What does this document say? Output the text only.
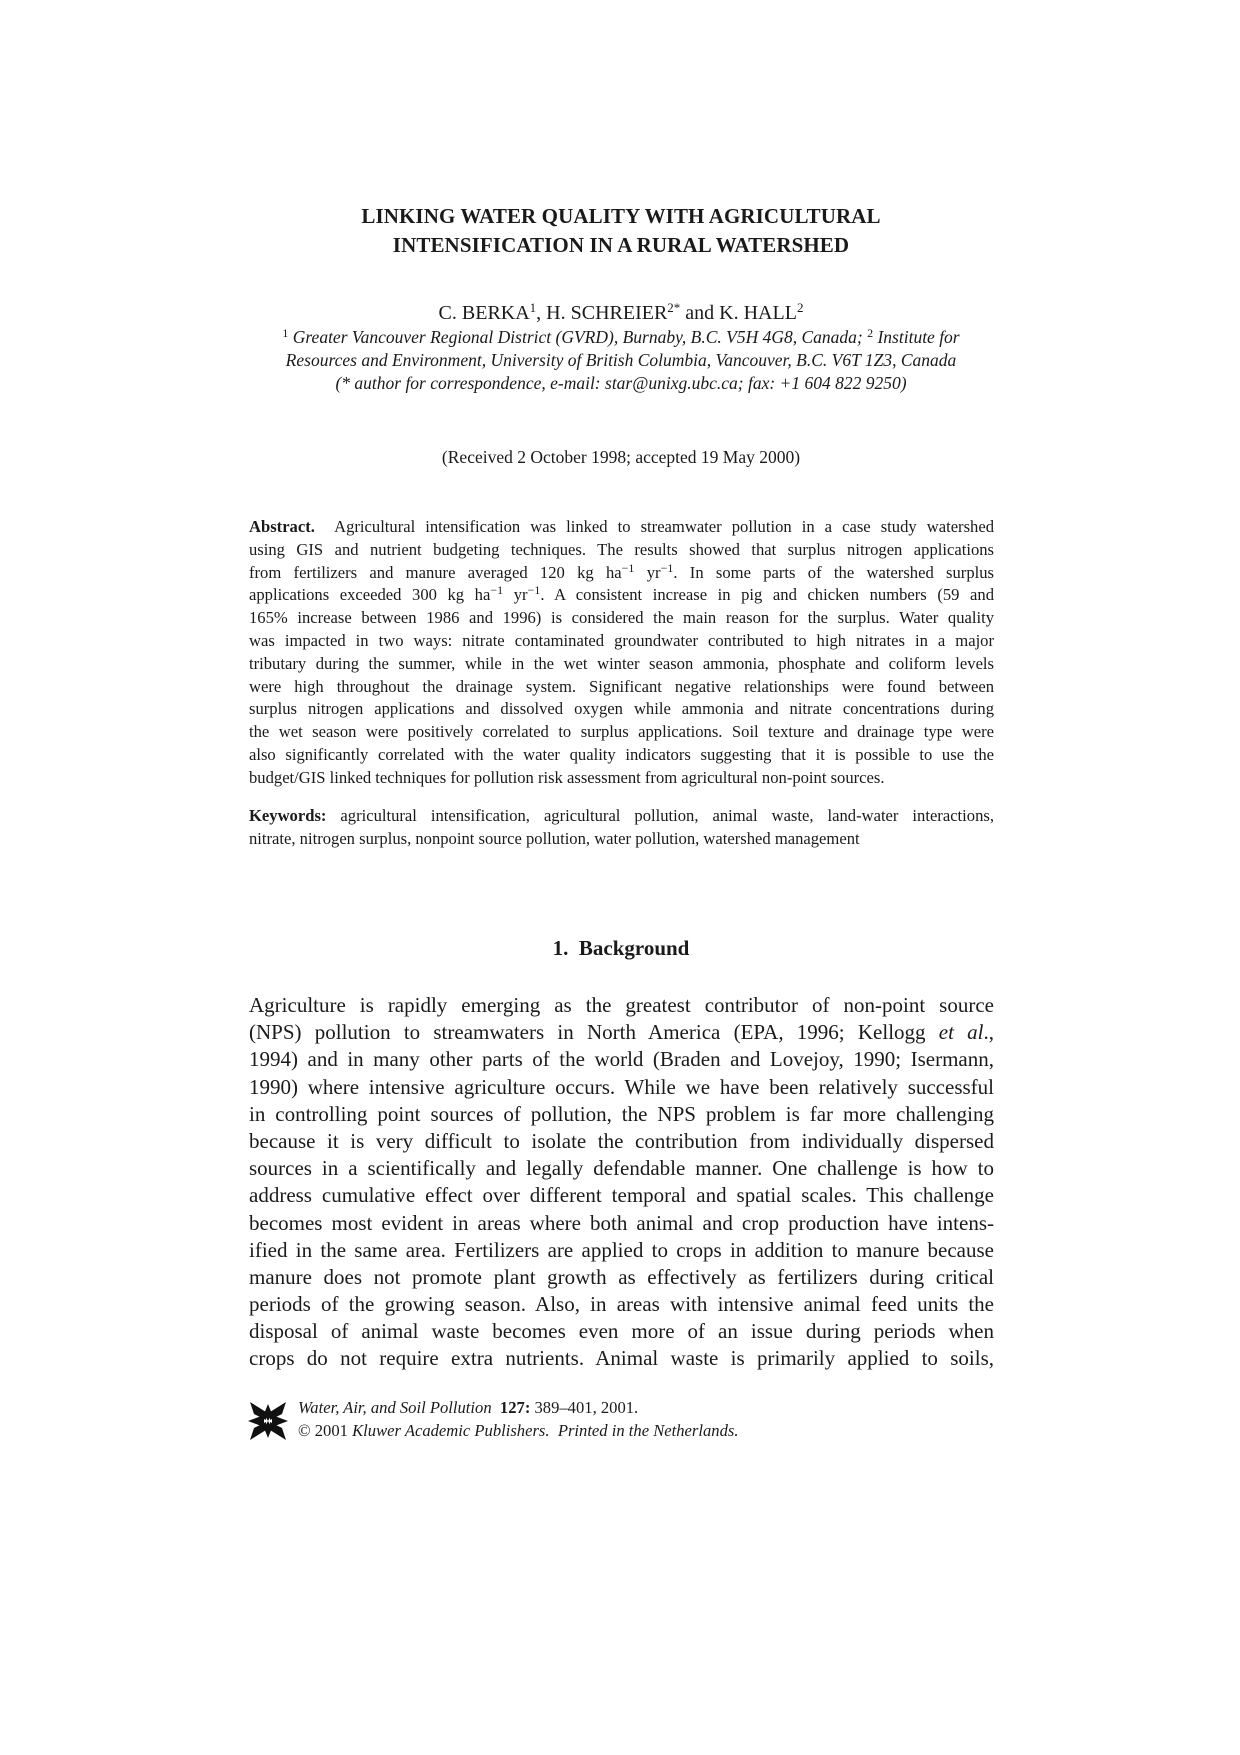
LINKING WATER QUALITY WITH AGRICULTURAL
INTENSIFICATION IN A RURAL WATERSHED
C. BERKA$^1$, H. $SCHREIER^{2*}$ and K. HALL$^2$
$^1$ Greater Vancouver Regional District (GVRD), Burnaby, B.C. V5H 4G8, Canada; $^2$ Institute for
Resources and Environment, University of British Columbia, Vancouver, B.C. V6T 1Z3, Canada
(* author for correspondence, e-mail: star@unixg.ubc.ca; fax: +1 604 822 9250)
(Received 2 October 1998; accepted 19 May 2000)
Abstract. Agricultural intensification was linked to streamwater pollution in a case study watershed
using GIS and nutrient budgeting techniques. The results showed that surplus nitrogen applications
from fertilizers and manure averaged 120 kg $ha^{-1}$ $yr^{-1}$. In some parts of the watershed surplus
applications exceeded 300 kg $ha^{-1}$ $yr^{-1}$. A consistent increase in pig and chicken numbers (59 and
165% increase between 1986 and 1996) is considered the main reason for the surplus. Water quality
was impacted in two ways: nitrate contaminated groundwater contributed to high nitrates in a major
tributary during the summer, while in the wet winter season ammonia, phosphate and coliform levels
were high throughout the drainage system. Significant negative relationships were found between
surplus nitrogen applications and dissolved oxygen while ammonia and nitrate concentrations during
the wet season were positively correlated to surplus applications. Soil texture and drainage type were
also significantly correlated with the water quality indicators suggesting that it is possible to use the
budget/GIS linked techniques for pollution risk assessment from agricultural non-point sources.
Keywords: agricultural intensification, agricultural pollution, animal waste, land-water interactions,
nitrate, nitrogen surplus, nonpoint source pollution, water pollution, watershed management
1.  Background
Agriculture is rapidly emerging as the greatest contributor of non-point source
(NPS) pollution to streamwaters in North America (EPA, 1996; Kellogg et al.,
1994) and in many other parts of the world (Braden and Lovejoy, 1990; Isermann,
1990) where intensive agriculture occurs. While we have been relatively successful
in controlling point sources of pollution, the NPS problem is far more challenging
because it is very difficult to isolate the contribution from individually dispersed
sources in a scientifically and legally defendable manner. One challenge is how to
address cumulative effect over different temporal and spatial scales. This challenge
becomes most evident in areas where both animal and crop production have intens-
ified in the same area. Fertilizers are applied to crops in addition to manure because
manure does not promote plant growth as effectively as fertilizers during critical
periods of the growing season. Also, in areas with intensive animal feed units the
disposal of animal waste becomes even more of an issue during periods when
crops do not require extra nutrients. Animal waste is primarily applied to soils,
Water, Air, and Soil Pollution 127: 389–401, 2001.
© 2001 Kluwer Academic Publishers.  Printed in the Netherlands.
